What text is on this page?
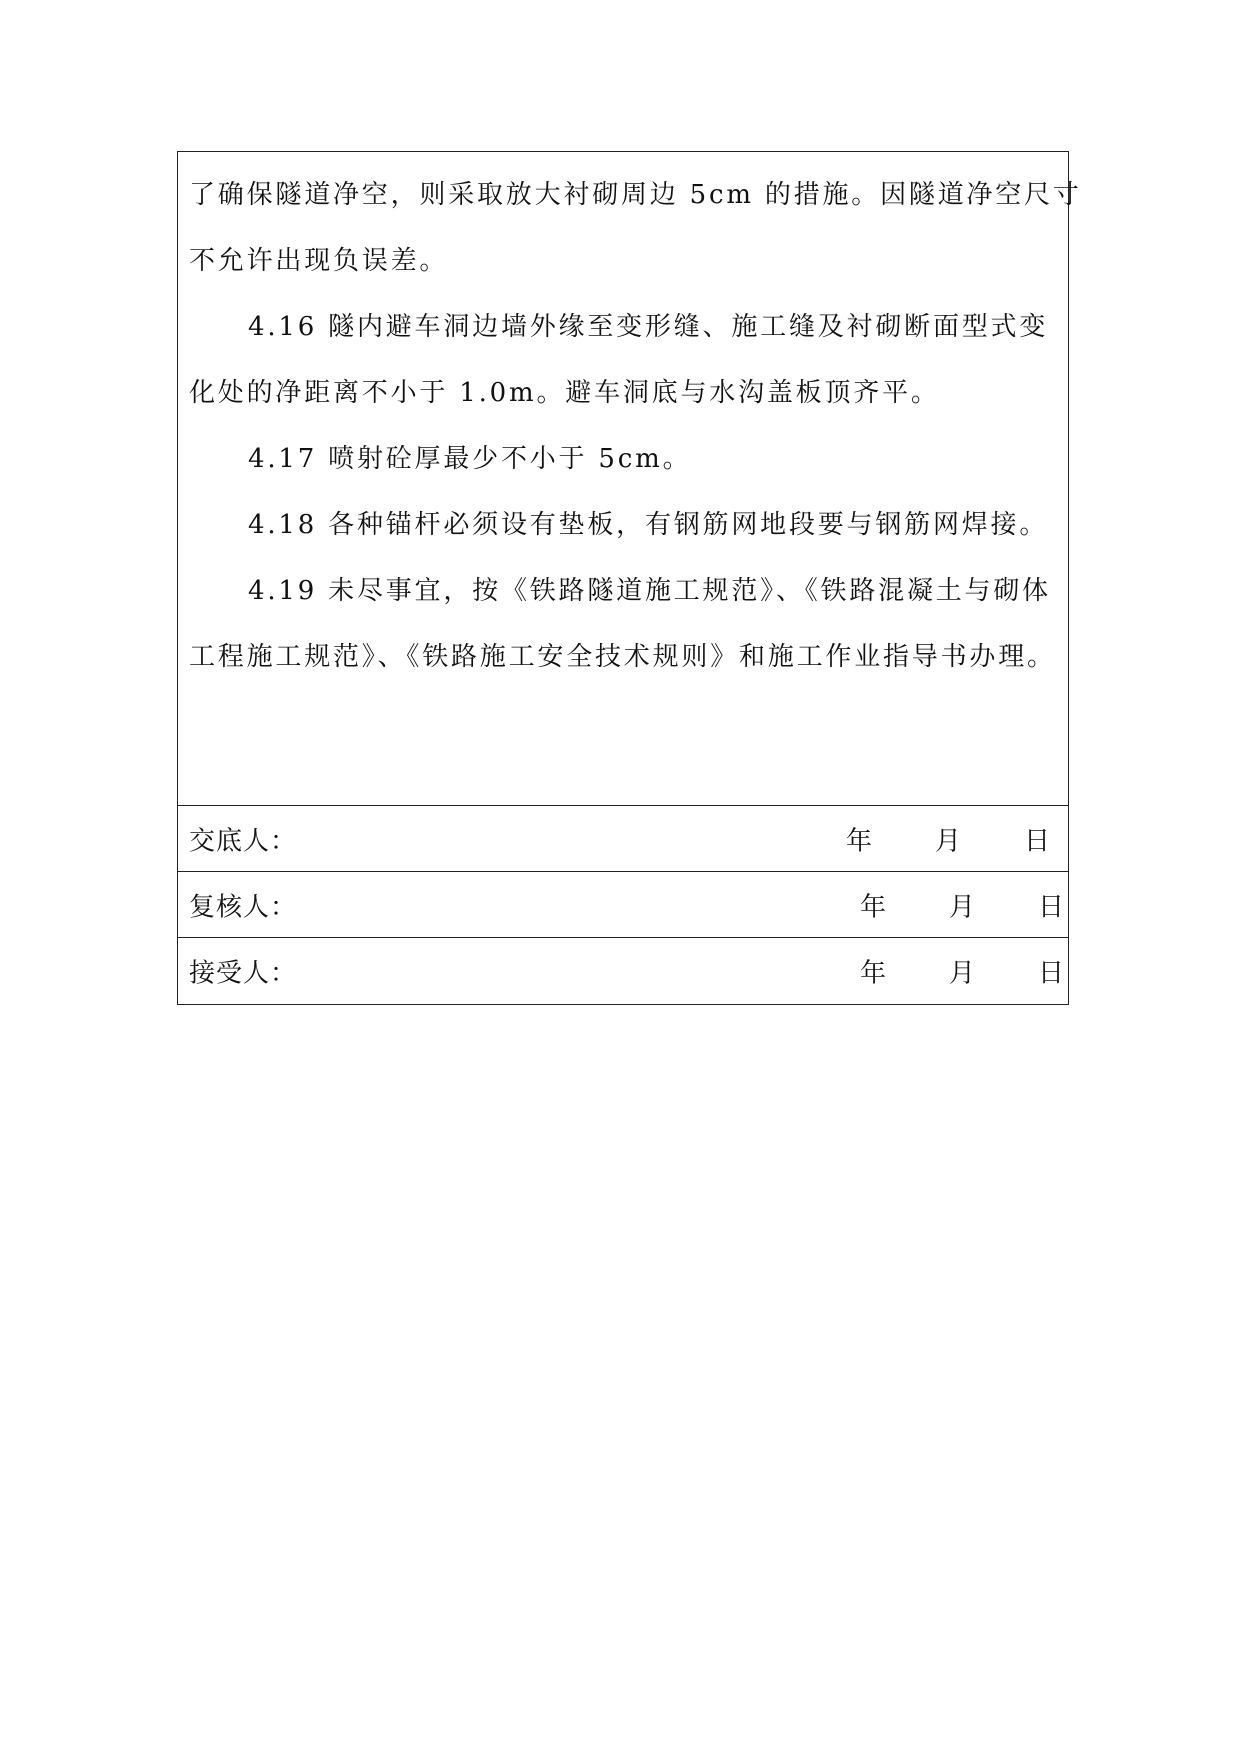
了确保隧道净空，则采取放大衬砌周边 5cm 的措施。因隧道净空尺寸

不允许出现负误差。

4.16 隧内避车洞边墙外缘至变形缝、施工缝及衬砌断面型式变

化处的净距离不小于 1.0m。避车洞底与水沟盖板顶齐平。

4.17 喷射砼厚最少不小于 5cm。

4.18 各种锚杆必须设有垫板，有钢筋网地段要与钢筋网焊接。

4.19 未尽事宜，按《铁路隧道施工规范》、《铁路混凝土与砌体

工程施工规范》、《铁路施工安全技术规则》和施工作业指导书办理。

交底人：	年 月 日
复核人：	年 月 日
接受人：	年 月 日
